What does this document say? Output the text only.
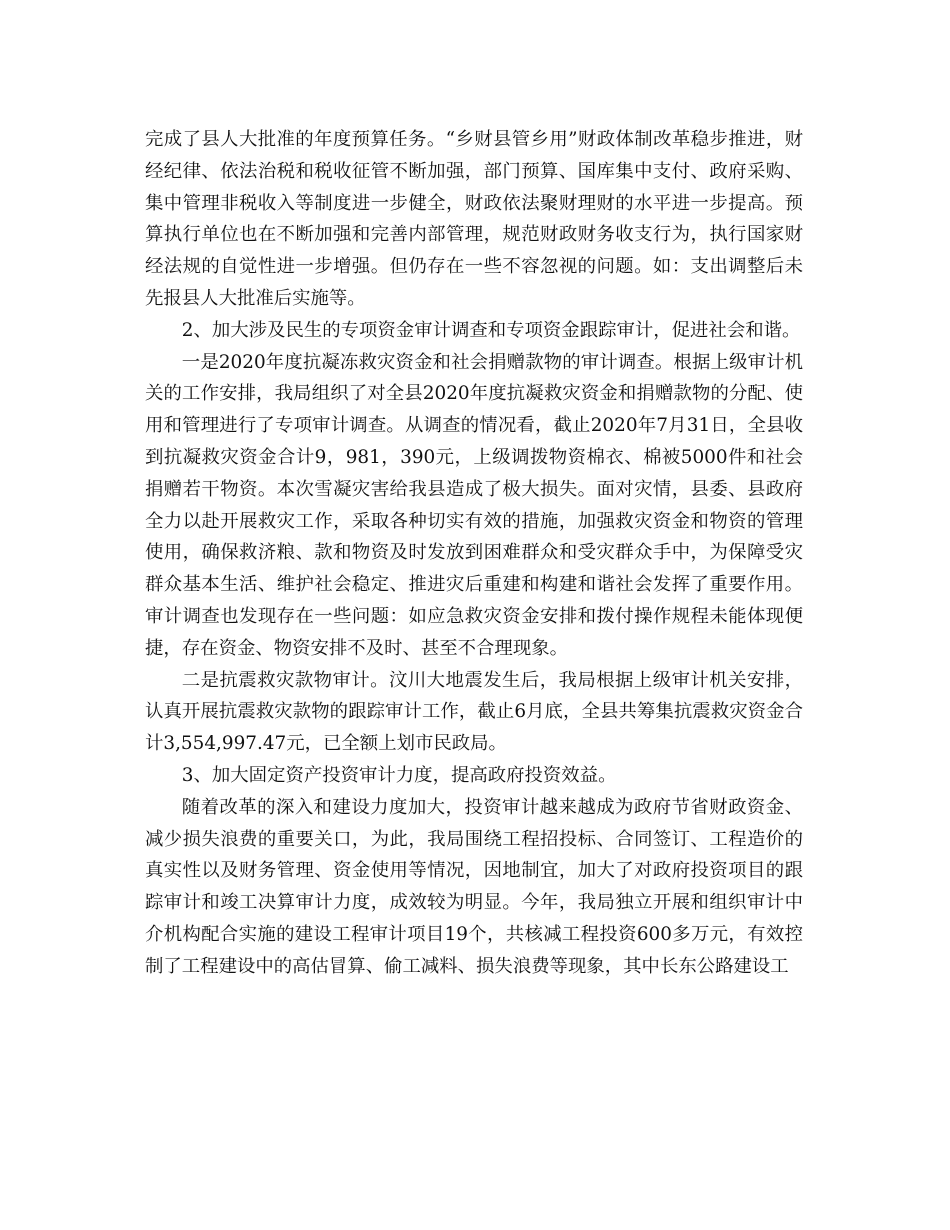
完成了县人大批准的年度预算任务。“乡财县管乡用”财政体制改革稳步推进，财经纪律、依法治税和税收征管不断加强，部门预算、国库集中支付、政府采购、集中管理非税收入等制度进一步健全，财政依法聚财理财的水平进一步提高。预算执行单位也在不断加强和完善内部管理，规范财政财务收支行为，执行国家财经法规的自觉性进一步增强。但仍存在一些不容忽视的问题。如：支出调整后未先报县人大批准后实施等。

2、加大涉及民生的专项资金审计调查和专项资金跟踪审计，促进社会和谐。

一是2020年度抗凝冻救灾资金和社会捐赠款物的审计调查。根据上级审计机关的工作安排，我局组织了对全县2020年度抗凝救灾资金和捐赠款物的分配、使用和管理进行了专项审计调查。从调查的情况看，截止2020年7月31日，全县收到抗凝救灾资金合计9，981，390元，上级调拨物资棉衣、棉被5000件和社会捐赠若干物资。本次雪凝灾害给我县造成了极大损失。面对灾情，县委、县政府全力以赴开展救灾工作，采取各种切实有效的措施，加强救灾资金和物资的管理使用，确保救济粮、款和物资及时发放到困难群众和受灾群众手中，为保障受灾群众基本生活、维护社会稳定、推进灾后重建和构建和谐社会发挥了重要作用。审计调查也发现存在一些问题：如应急救灾资金安排和拨付操作规程未能体现便捷，存在资金、物资安排不及时、甚至不合理现象。

二是抗震救灾款物审计。汶川大地震发生后，我局根据上级审计机关安排，认真开展抗震救灾款物的跟踪审计工作，截止6月底，全县共筹集抗震救灾资金合计3,554,997.47元，已全额上划市民政局。

3、加大固定资产投资审计力度，提高政府投资效益。

随着改革的深入和建设力度加大，投资审计越来越成为政府节省财政资金、减少损失浪费的重要关口，为此，我局围绕工程招投标、合同签订、工程造价的真实性以及财务管理、资金使用等情况，因地制宜，加大了对政府投资项目的跟踪审计和竣工决算审计力度，成效较为明显。今年，我局独立开展和组织审计中介机构配合实施的建设工程审计项目19个，共核减工程投资600多万元，有效控制了工程建设中的高估冒算、偷工减料、损失浪费等现象，其中长东公路建设工
